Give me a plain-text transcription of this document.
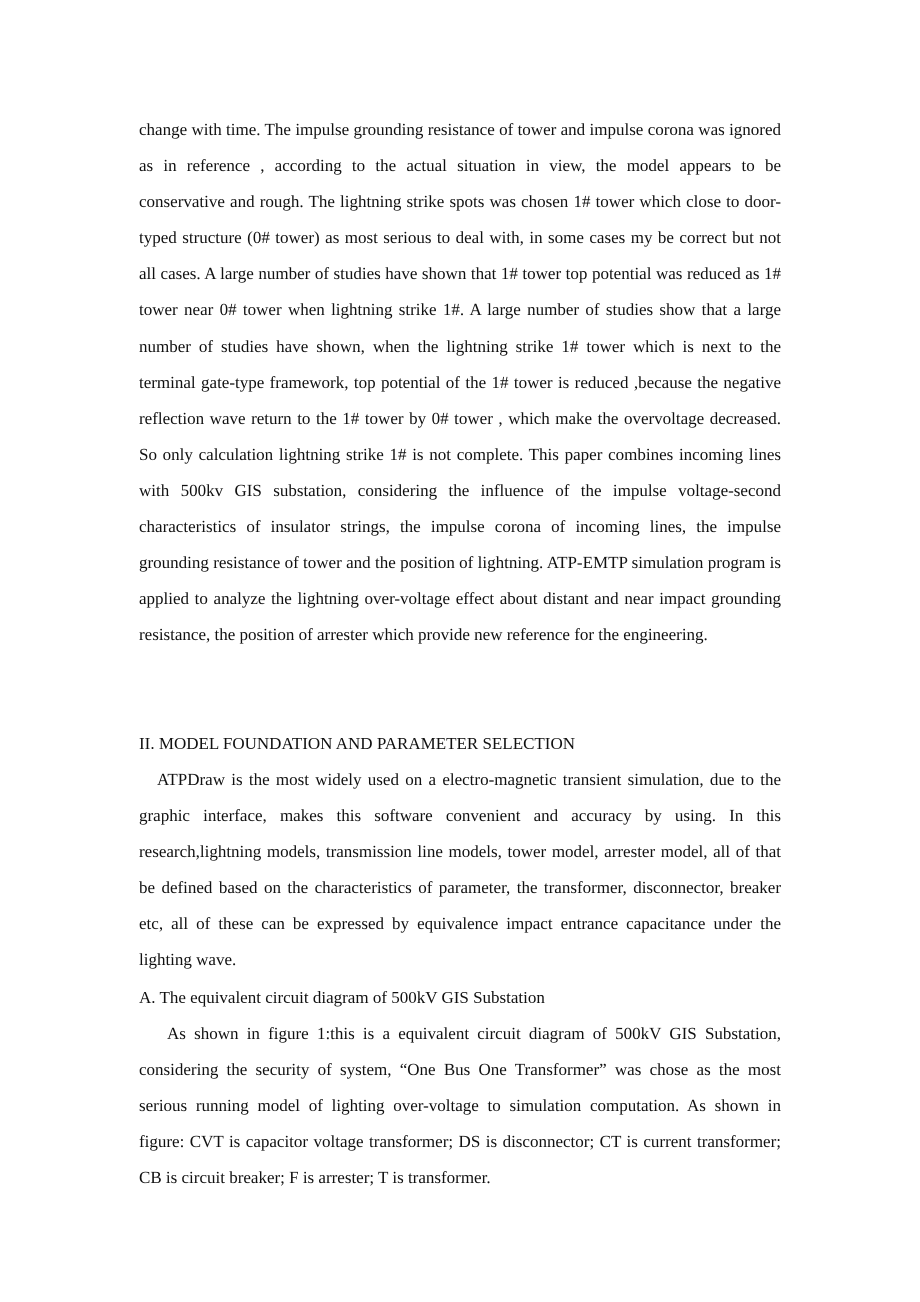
change with time. The impulse grounding resistance of tower and impulse corona was ignored as in reference , according to the actual situation in view, the model appears to be conservative and rough. The lightning strike spots was chosen 1# tower which close to door-typed structure (0# tower) as most serious to deal with, in some cases my be correct but not all cases. A large number of studies have shown that 1# tower top potential was reduced as 1# tower near 0# tower when lightning strike 1#. A large number of studies show that a large number of studies have shown, when the lightning strike 1# tower which is next to the terminal gate-type framework, top potential of the 1# tower is reduced ,because the negative reflection wave return to the 1# tower by 0# tower , which make the overvoltage decreased. So only calculation lightning strike 1# is not complete. This paper combines incoming lines with 500kv GIS substation, considering the influence of the impulse voltage-second characteristics of insulator strings, the impulse corona of incoming lines, the impulse grounding resistance of tower and the position of lightning. ATP-EMTP simulation program is applied to analyze the lightning over-voltage effect about distant and near impact grounding resistance, the position of arrester which provide new reference for the engineering.

II. MODEL FOUNDATION AND PARAMETER SELECTION

ATPDraw is the most widely used on a electro-magnetic transient simulation, due to the graphic interface, makes this software convenient and accuracy by using. In this research,lightning models, transmission line models, tower model, arrester model, all of that be defined based on the characteristics of parameter, the transformer, disconnector, breaker etc, all of these can be expressed by equivalence impact entrance capacitance under the lighting wave.

A. The equivalent circuit diagram of 500kV GIS Substation

As shown in figure 1:this is a equivalent circuit diagram of 500kV GIS Substation, considering the security of system, “One Bus One Transformer” was chose as the most serious running model of lighting over-voltage to simulation computation. As shown in figure: CVT is capacitor voltage transformer; DS is disconnector; CT is current transformer; CB is circuit breaker; F is arrester; T is transformer.
